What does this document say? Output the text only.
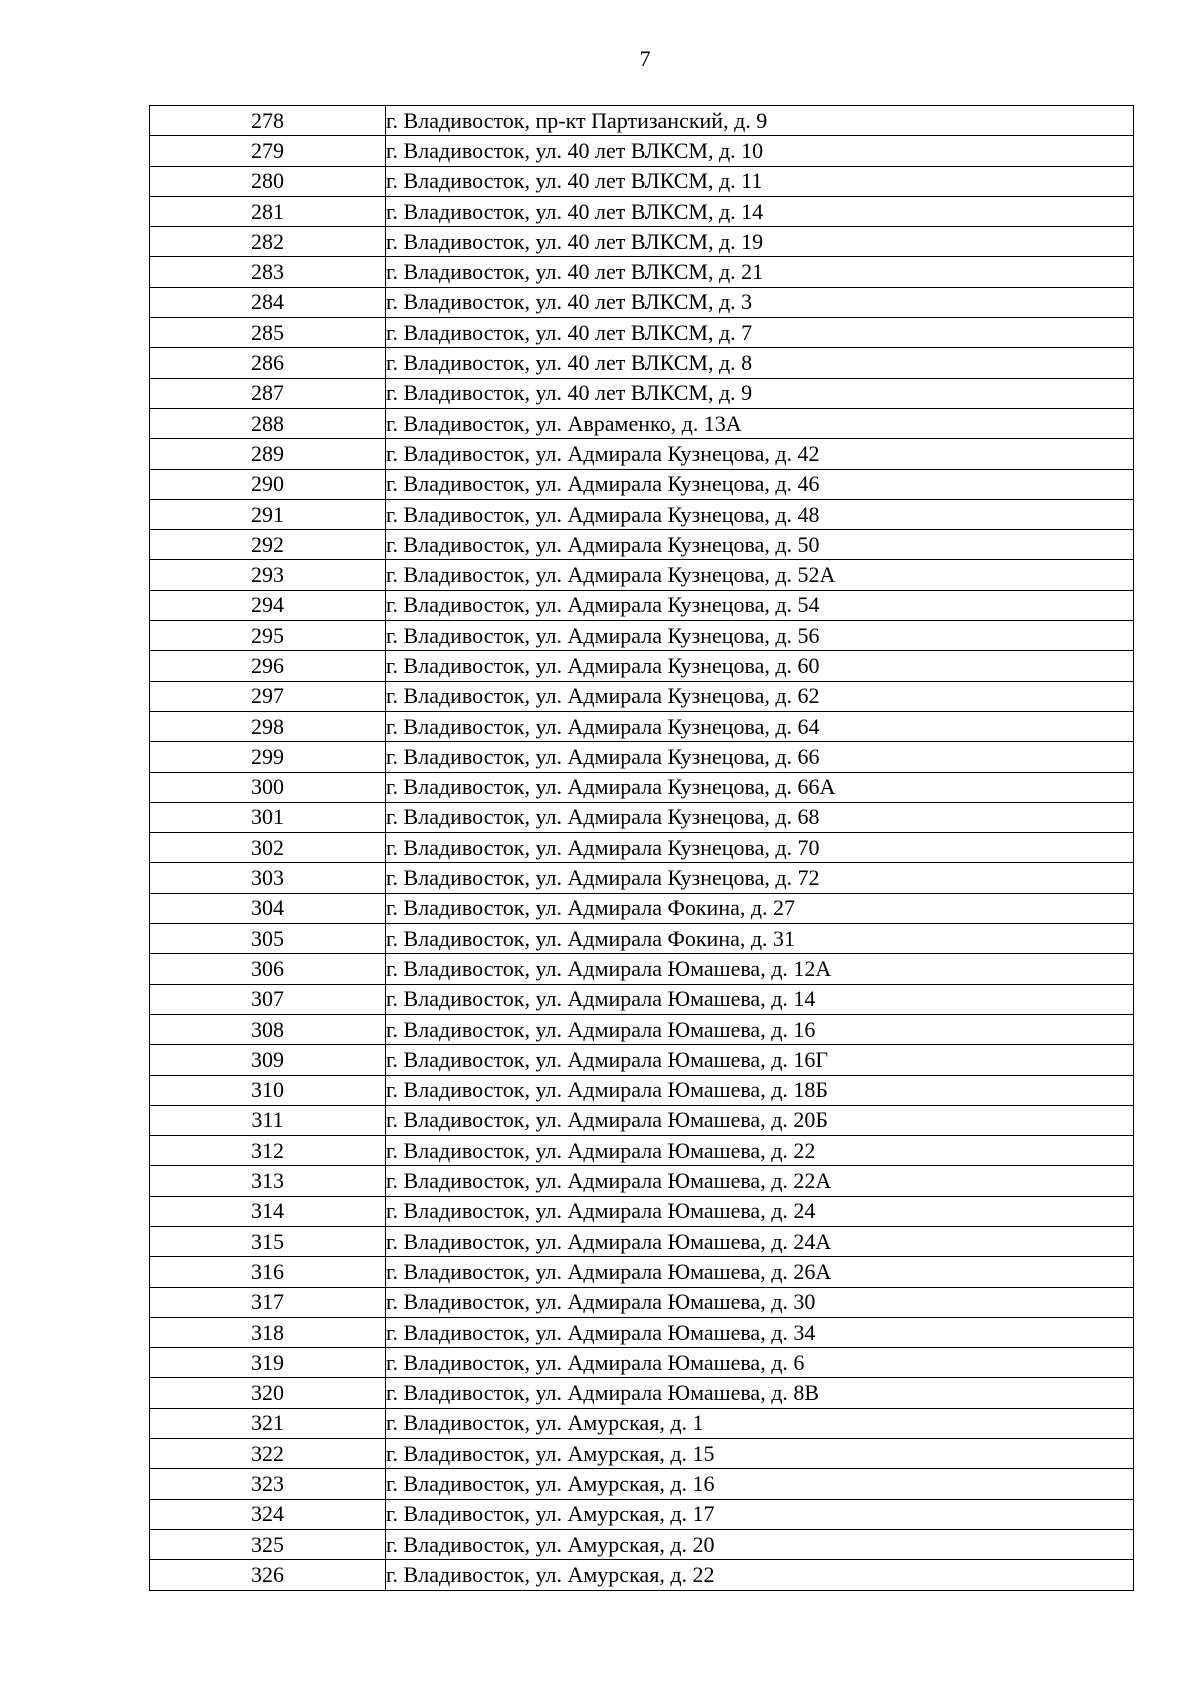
7
278	г. Владивосток, пр-кт Партизанский, д. 9
279	г. Владивосток, ул. 40 лет ВЛКСМ, д. 10
280	г. Владивосток, ул. 40 лет ВЛКСМ, д. 11
281	г. Владивосток, ул. 40 лет ВЛКСМ, д. 14
282	г. Владивосток, ул. 40 лет ВЛКСМ, д. 19
283	г. Владивосток, ул. 40 лет ВЛКСМ, д. 21
284	г. Владивосток, ул. 40 лет ВЛКСМ, д. 3
285	г. Владивосток, ул. 40 лет ВЛКСМ, д. 7
286	г. Владивосток, ул. 40 лет ВЛКСМ, д. 8
287	г. Владивосток, ул. 40 лет ВЛКСМ, д. 9
288	г. Владивосток, ул. Авраменко, д. 13А
289	г. Владивосток, ул. Адмирала Кузнецова, д. 42
290	г. Владивосток, ул. Адмирала Кузнецова, д. 46
291	г. Владивосток, ул. Адмирала Кузнецова, д. 48
292	г. Владивосток, ул. Адмирала Кузнецова, д. 50
293	г. Владивосток, ул. Адмирала Кузнецова, д. 52А
294	г. Владивосток, ул. Адмирала Кузнецова, д. 54
295	г. Владивосток, ул. Адмирала Кузнецова, д. 56
296	г. Владивосток, ул. Адмирала Кузнецова, д. 60
297	г. Владивосток, ул. Адмирала Кузнецова, д. 62
298	г. Владивосток, ул. Адмирала Кузнецова, д. 64
299	г. Владивосток, ул. Адмирала Кузнецова, д. 66
300	г. Владивосток, ул. Адмирала Кузнецова, д. 66А
301	г. Владивосток, ул. Адмирала Кузнецова, д. 68
302	г. Владивосток, ул. Адмирала Кузнецова, д. 70
303	г. Владивосток, ул. Адмирала Кузнецова, д. 72
304	г. Владивосток, ул. Адмирала Фокина, д. 27
305	г. Владивосток, ул. Адмирала Фокина, д. 31
306	г. Владивосток, ул. Адмирала Юмашева, д. 12А
307	г. Владивосток, ул. Адмирала Юмашева, д. 14
308	г. Владивосток, ул. Адмирала Юмашева, д. 16
309	г. Владивосток, ул. Адмирала Юмашева, д. 16Г
310	г. Владивосток, ул. Адмирала Юмашева, д. 18Б
311	г. Владивосток, ул. Адмирала Юмашева, д. 20Б
312	г. Владивосток, ул. Адмирала Юмашева, д. 22
313	г. Владивосток, ул. Адмирала Юмашева, д. 22А
314	г. Владивосток, ул. Адмирала Юмашева, д. 24
315	г. Владивосток, ул. Адмирала Юмашева, д. 24А
316	г. Владивосток, ул. Адмирала Юмашева, д. 26А
317	г. Владивосток, ул. Адмирала Юмашева, д. 30
318	г. Владивосток, ул. Адмирала Юмашева, д. 34
319	г. Владивосток, ул. Адмирала Юмашева, д. 6
320	г. Владивосток, ул. Адмирала Юмашева, д. 8В
321	г. Владивосток, ул. Амурская, д. 1
322	г. Владивосток, ул. Амурская, д. 15
323	г. Владивосток, ул. Амурская, д. 16
324	г. Владивосток, ул. Амурская, д. 17
325	г. Владивосток, ул. Амурская, д. 20
326	г. Владивосток, ул. Амурская, д. 22
